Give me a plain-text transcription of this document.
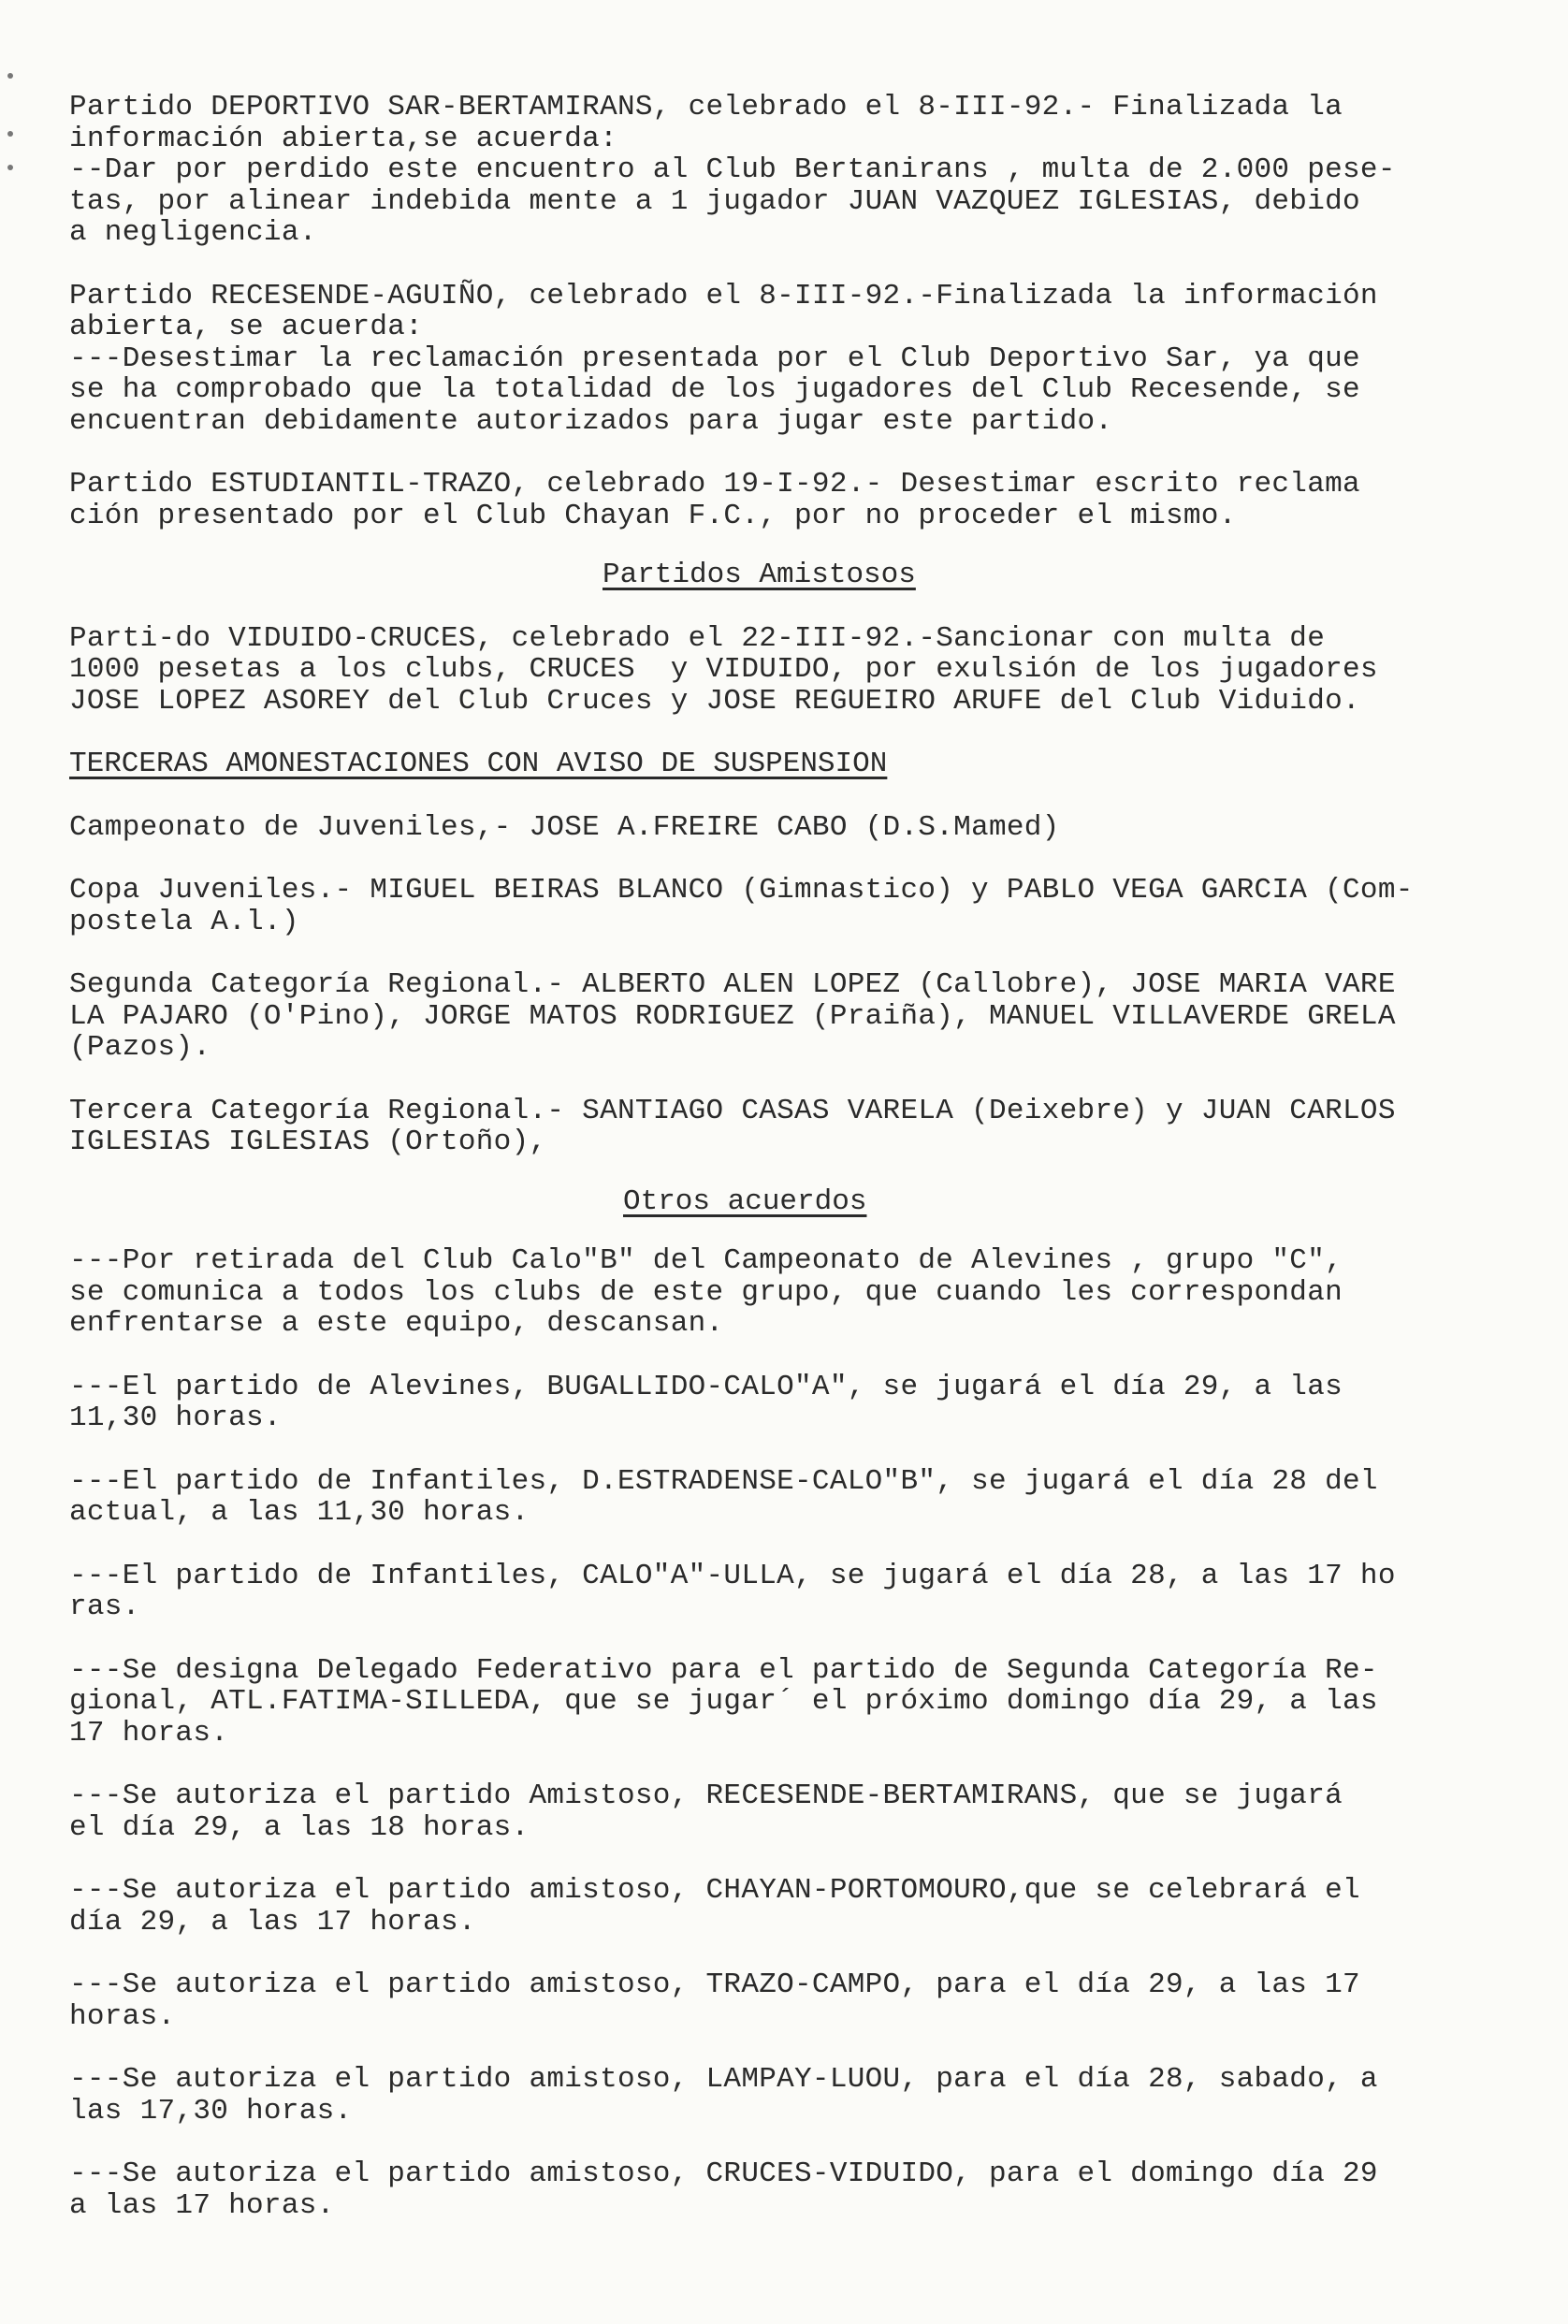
Partido DEPORTIVO SAR-BERTAMIRANS, celebrado el 8-III-92.- Finalizada la
información abierta,se acuerda:
--Dar por perdido este encuentro al Club Bertanirans , multa de 2.000 pese-
tas, por alinear indebida mente a 1 jugador JUAN VAZQUEZ IGLESIAS, debido
a negligencia.
Partido RECESENDE-AGUIÑO, celebrado el 8-III-92.-Finalizada la información
abierta, se acuerda:
---Desestimar la reclamación presentada por el Club Deportivo Sar, ya que
se ha comprobado que la totalidad de los jugadores del Club Recesende, se
encuentran debidamente autorizados para jugar este partido.
Partido ESTUDIANTIL-TRAZO, celebrado 19-I-92.- Desestimar escrito reclama
ción presentado por el Club Chayan F.C., por no proceder el mismo.
Partidos Amistosos
Parti-do VIDUIDO-CRUCES, celebrado el 22-III-92.-Sancionar con multa de
1000 pesetas a los clubs, CRUCES  y VIDUIDO, por exulsión de los jugadores
JOSE LOPEZ ASOREY del Club Cruces y JOSE REGUEIRO ARUFE del Club Viduido.
TERCERAS AMONESTACIONES CON AVISO DE SUSPENSION
Campeonato de Juveniles,- JOSE A.FREIRE CABO (D.S.Mamed)
Copa Juveniles.- MIGUEL BEIRAS BLANCO (Gimnastico) y PABLO VEGA GARCIA (Com-
postela A.l.)
Segunda Categoría Regional.- ALBERTO ALEN LOPEZ (Callobre), JOSE MARIA VARE
LA PAJARO (O'Pino), JORGE MATOS RODRIGUEZ (Praiña), MANUEL VILLAVERDE GRELA
(Pazos).
Tercera Categoría Regional.- SANTIAGO CASAS VARELA (Deixebre) y JUAN CARLOS
IGLESIAS IGLESIAS (Ortoño),
Otros acuerdos
---Por retirada del Club Calo"B" del Campeonato de Alevines , grupo "C",
se comunica a todos los clubs de este grupo, que cuando les correspondan
enfrentarse a este equipo, descansan.
---El partido de Alevines, BUGALLIDO-CALO"A", se jugará el día 29, a las
11,30 horas.
---El partido de Infantiles, D.ESTRADENSE-CALO"B", se jugará el día 28 del
actual, a las 11,30 horas.
---El partido de Infantiles, CALO"A"-ULLA, se jugará el día 28, a las 17 ho
ras.
---Se designa Delegado Federativo para el partido de Segunda Categoría Re-
gional, ATL.FATIMA-SILLEDA, que se jugar´ el próximo domingo día 29, a las
17 horas.
---Se autoriza el partido Amistoso, RECESENDE-BERTAMIRANS, que se jugará
el día 29, a las 18 horas.
---Se autoriza el partido amistoso, CHAYAN-PORTOMOURO,que se celebrará el
día 29, a las 17 horas.
---Se autoriza el partido amistoso, TRAZO-CAMPO, para el día 29, a las 17
horas.
---Se autoriza el partido amistoso, LAMPAY-LUOU, para el día 28, sabado, a
las 17,30 horas.
---Se autoriza el partido amistoso, CRUCES-VIDUIDO, para el domingo día 29
a las 17 horas.
